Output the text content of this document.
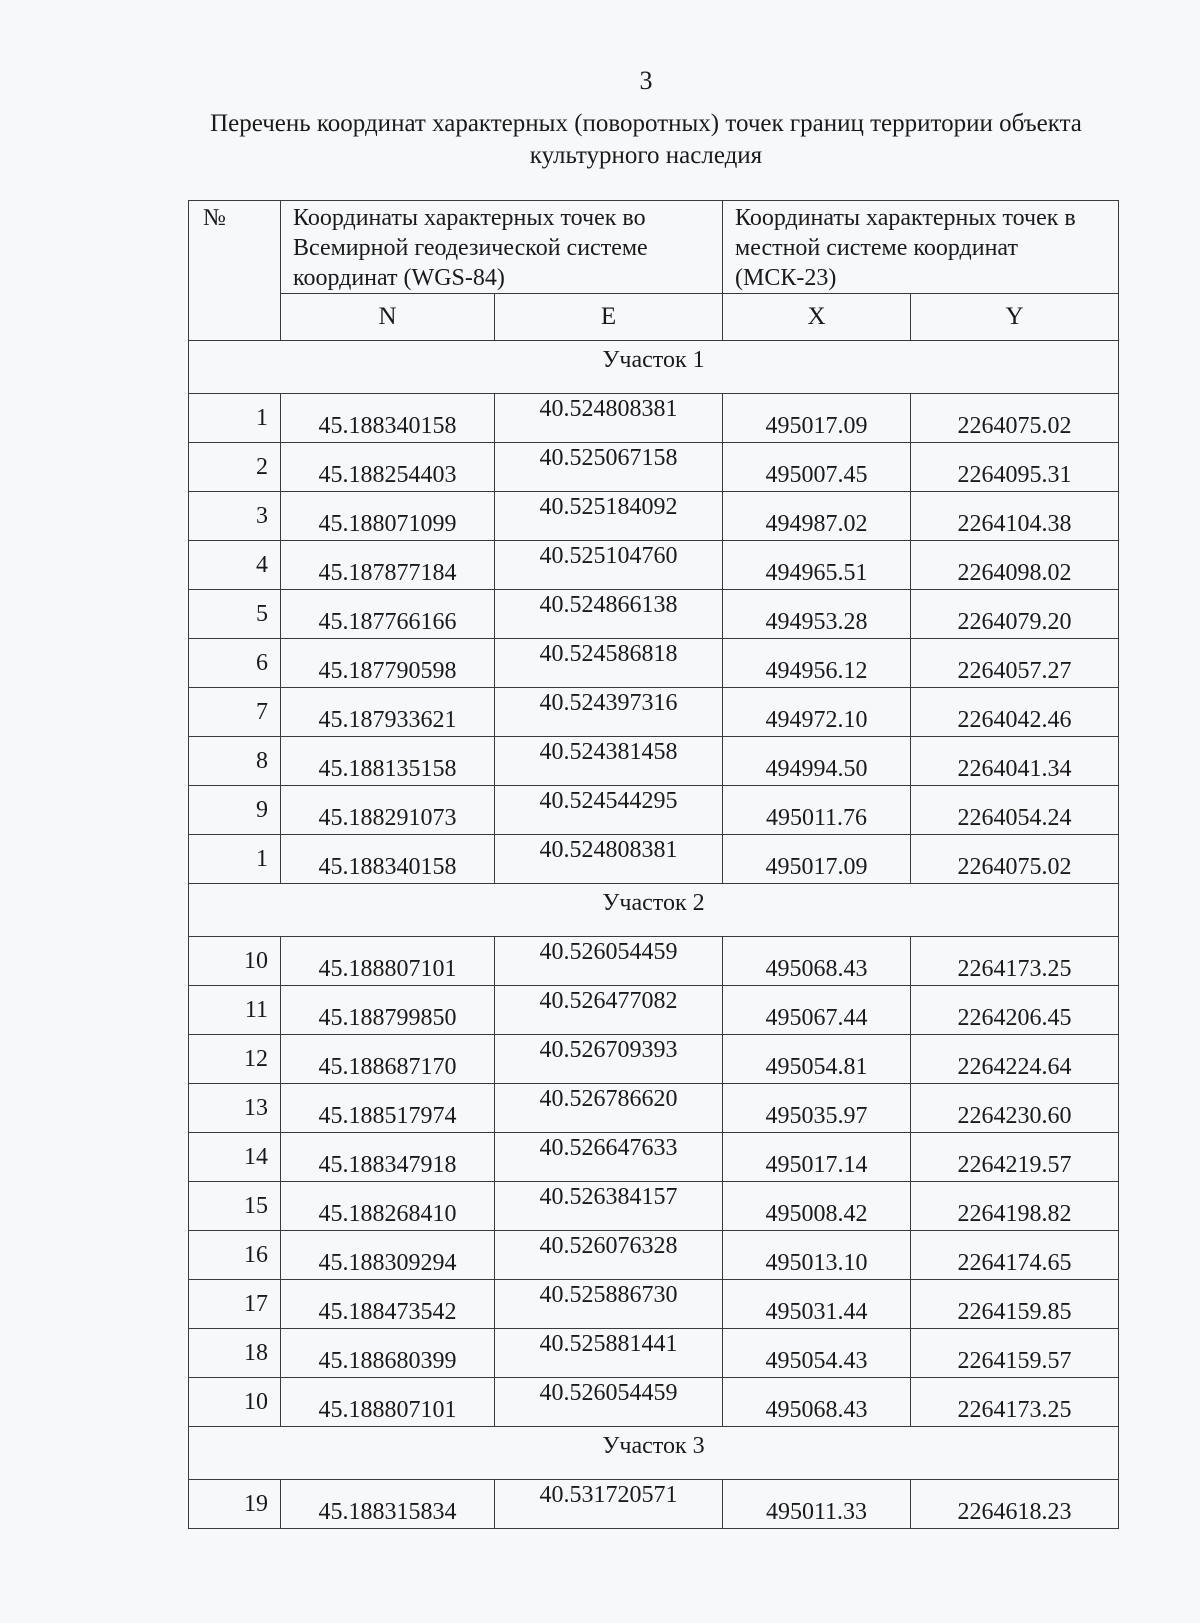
3
Перечень координат характерных (поворотных) точек границ территории объекта культурного наследия
№	Координаты характерных точек во Всемирной геодезической системе координат (WGS-84)		Координаты характерных точек в местной системе координат (МСК-23)	
	N	E	X	Y
Участок 1				
1	45.188340158	40.524808381	495017.09	2264075.02
2	45.188254403	40.525067158	495007.45	2264095.31
3	45.188071099	40.525184092	494987.02	2264104.38
4	45.187877184	40.525104760	494965.51	2264098.02
5	45.187766166	40.524866138	494953.28	2264079.20
6	45.187790598	40.524586818	494956.12	2264057.27
7	45.187933621	40.524397316	494972.10	2264042.46
8	45.188135158	40.524381458	494994.50	2264041.34
9	45.188291073	40.524544295	495011.76	2264054.24
1	45.188340158	40.524808381	495017.09	2264075.02
Участок 2				
10	45.188807101	40.526054459	495068.43	2264173.25
11	45.188799850	40.526477082	495067.44	2264206.45
12	45.188687170	40.526709393	495054.81	2264224.64
13	45.188517974	40.526786620	495035.97	2264230.60
14	45.188347918	40.526647633	495017.14	2264219.57
15	45.188268410	40.526384157	495008.42	2264198.82
16	45.188309294	40.526076328	495013.10	2264174.65
17	45.188473542	40.525886730	495031.44	2264159.85
18	45.188680399	40.525881441	495054.43	2264159.57
10	45.188807101	40.526054459	495068.43	2264173.25
Участок 3				
19	45.188315834	40.531720571	495011.33	2264618.23
